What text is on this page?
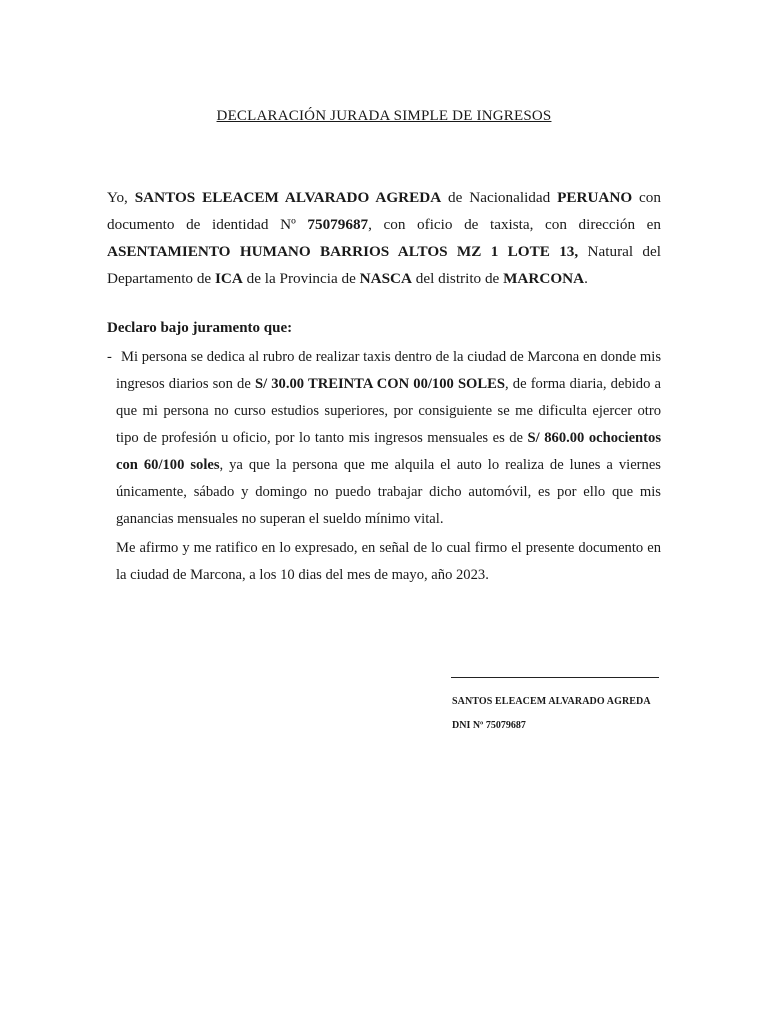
DECLARACIÓN JURADA SIMPLE DE INGRESOS
Yo, SANTOS ELEACEM ALVARADO AGREDA de Nacionalidad PERUANO con documento de identidad Nº 75079687, con oficio de taxista, con dirección en ASENTAMIENTO HUMANO BARRIOS ALTOS MZ 1 LOTE 13, Natural del Departamento de ICA de la Provincia de NASCA del distrito de MARCONA.
Declaro bajo juramento que:
- Mi persona se dedica al rubro de realizar taxis dentro de la ciudad de Marcona en donde mis ingresos diarios son de S/ 30.00 TREINTA CON 00/100 SOLES, de forma diaria, debido a que mi persona no curso estudios superiores, por consiguiente se me dificulta ejercer otro tipo de profesión u oficio, por lo tanto mis ingresos mensuales es de S/ 860.00 ochocientos con 60/100 soles, ya que la persona que me alquila el auto lo realiza de lunes a viernes únicamente, sábado y domingo no puedo trabajar dicho automóvil, es por ello que mis ganancias mensuales no superan el sueldo mínimo vital.
Me afirmo y me ratifico en lo expresado, en señal de lo cual firmo el presente documento en la ciudad de Marcona, a los 10 dias del mes de mayo, año 2023.
SANTOS ELEACEM ALVARADO AGREDA
DNI Nº 75079687
